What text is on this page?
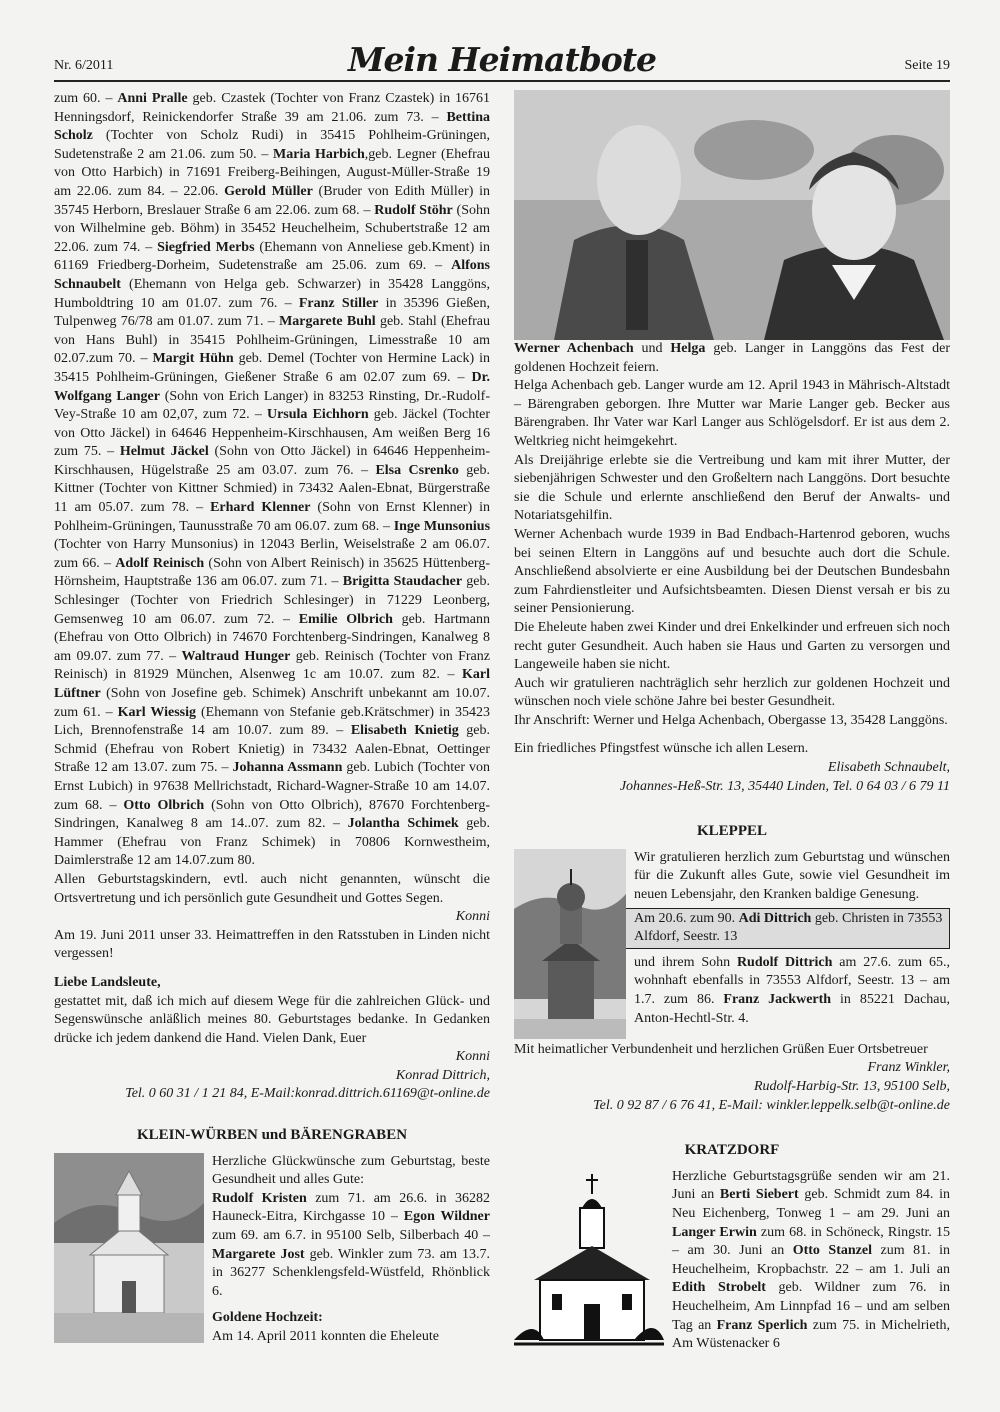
Nr. 6/2011	Mein Heimatbote	Seite 19

zum 60. – Anni Pralle geb. Czastek (Tochter von Franz Czastek) in 16761 Henningsdorf, Reinickendorfer Straße 39 am 21.06. zum 73. – Bettina Scholz (Tochter von Scholz Rudi) in 35415 Pohlheim-Grüningen, Sudetenstraße 2 am 21.06. zum 50. – Maria Harbich,geb. Legner (Ehefrau von Otto Harbich) in 71691 Freiberg-Beihingen, August-Müller-Straße 19 am 22.06. zum 84. – 22.06. Gerold Müller (Bruder von Edith Müller) in 35745 Herborn, Breslauer Straße 6 am 22.06. zum 68. – Rudolf Stöhr (Sohn von Wilhelmine geb. Böhm) in 35452 Heuchelheim, Schubertstraße 12 am 22.06. zum 74. – Siegfried Merbs (Ehemann von Anneliese geb.Kment) in 61169 Friedberg-Dorheim, Sudetenstraße am 25.06. zum 69. – Alfons Schnaubelt (Ehemann von Helga geb. Schwarzer) in 35428 Langgöns, Humboldtring 10 am 01.07. zum 76. – Franz Stiller in 35396 Gießen, Tulpenweg 76/78 am 01.07. zum 71. – Margarete Buhl geb. Stahl (Ehefrau von Hans Buhl) in 35415 Pohlheim-Grüningen, Limesstraße 10 am 02.07.zum 70. – Margit Hühn geb. Demel (Tochter von Hermine Lack) in 35415 Pohlheim-Grüningen, Gießener Straße 6 am 02.07 zum 69. – Dr. Wolfgang Langer (Sohn von Erich Langer) in 83253 Rinsting, Dr.-Rudolf-Vey-Straße 10 am 02,07, zum 72. – Ursula Eichhorn geb. Jäckel (Tochter von Otto Jäckel) in 64646 Heppenheim-Kirschhausen, Am weißen Berg 16 zum 75. – Helmut Jäckel (Sohn von Otto Jäckel) in 64646 Heppenheim-Kirschhausen, Hügelstraße 25 am 03.07. zum 76. – Elsa Csrenko geb. Kittner (Tochter von Kittner Schmied) in 73432 Aalen-Ebnat, Bürgerstraße 11 am 05.07. zum 78. – Erhard Klenner (Sohn von Ernst Klenner) in Pohlheim-Grüningen, Taunusstraße 70 am 06.07. zum 68. – Inge Munsonius (Tochter von Harry Munsonius) in 12043 Berlin, Weiselstraße 2 am 06.07. zum 66. – Adolf Reinisch (Sohn von Albert Reinisch) in 35625 Hüttenberg-Hörnsheim, Hauptstraße 136 am 06.07. zum 71. – Brigitta Staudacher geb. Schlesinger (Tochter von Friedrich Schlesinger) in 71229 Leonberg, Gemsenweg 10 am 06.07. zum 72. – Emilie Olbrich geb. Hartmann (Ehefrau von Otto Olbrich) in 74670 Forchtenberg-Sindringen, Kanalweg 8 am 09.07. zum 77. – Waltraud Hunger geb. Reinisch (Tochter von Franz Reinisch) in 81929 München, Alsenweg 1c am 10.07. zum 82. – Karl Lüftner (Sohn von Josefine geb. Schimek) Anschrift unbekannt am 10.07. zum 61. – Karl Wiessig (Ehemann von Stefanie geb.Krätschmer) in 35423 Lich, Brennofenstraße 14 am 10.07. zum 89. – Elisabeth Knietig geb. Schmid (Ehefrau von Robert Knietig) in 73432 Aalen-Ebnat, Oettinger Straße 12 am 13.07. zum 75. – Johanna Assmann geb. Lubich (Tochter von Ernst Lubich) in 97638 Mellrichstadt, Richard-Wagner-Straße 10 am 14.07. zum 68. – Otto Olbrich (Sohn von Otto Olbrich), 87670 Forchtenberg-Sindringen, Kanalweg 8 am 14..07. zum 82. – Jolantha Schimek geb. Hammer (Ehefrau von Franz Schimek) in 70806 Kornwestheim, Daimlerstraße 12 am 14.07.zum 80.

Allen Geburtstagskindern, evtl. auch nicht genannten, wünscht die Ortsvertretung und ich persönlich gute Gesundheit und Gottes Segen.

Konni

Am 19. Juni 2011 unser 33. Heimattreffen in den Ratsstuben in Linden nicht vergessen!

Liebe Landsleute,

gestattet mit, daß ich mich auf diesem Wege für die zahlreichen Glück- und Segenswünsche anläßlich meines 80. Geburtstages bedanke. In Gedanken drücke ich jedem dankend die Hand. Vielen Dank, Euer

Konni

Konrad Dittrich,

Tel. 0 60 31 / 1 21 84, E-Mail:konrad.dittrich.61169@t-online.de

KLEIN-WÜRBEN und BÄRENGRABEN

Herzliche Glückwünsche zum Geburtstag, beste Gesundheit und alles Gute:

Rudolf Kristen zum 71. am 26.6. in 36282 Hauneck-Eitra, Kirchgasse 10 – Egon Wildner zum 69. am 6.7. in 95100 Selb, Silberbach 40 – Margarete Jost geb. Winkler zum 73. am 13.7. in 36277 Schenklengsfeld-Wüstfeld, Rhönblick 6.

Goldene Hochzeit:

Am 14. April 2011 konnten die Eheleute

Werner Achenbach und Helga geb. Langer in Langgöns das Fest der goldenen Hochzeit feiern.

Helga Achenbach geb. Langer wurde am 12. April 1943 in Mährisch-Altstadt – Bärengraben geborgen. Ihre Mutter war Marie Langer geb. Becker aus Bärengraben. Ihr Vater war Karl Langer aus Schlögelsdorf. Er ist aus dem 2. Weltkrieg nicht heimgekehrt.

Als Dreijährige erlebte sie die Vertreibung und kam mit ihrer Mutter, der siebenjährigen Schwester und den Großeltern nach Langgöns. Dort besuchte sie die Schule und erlernte anschließend den Beruf der Anwalts- und Notariatsgehilfin.

Werner Achenbach wurde 1939 in Bad Endbach-Hartenrod geboren, wuchs bei seinen Eltern in Langgöns auf und besuchte auch dort die Schule. Anschließend absolvierte er eine Ausbildung bei der Deutschen Bundesbahn zum Fahrdienstleiter und Aufsichtsbeamten. Diesen Dienst versah er bis zu seiner Pensionierung.

Die Eheleute haben zwei Kinder und drei Enkelkinder und erfreuen sich noch recht guter Gesundheit. Auch haben sie Haus und Garten zu versorgen und Langeweile haben sie nicht.

Auch wir gratulieren nachträglich sehr herzlich zur goldenen Hochzeit und wünschen noch viele schöne Jahre bei bester Gesundheit.

Ihr Anschrift: Werner und Helga Achenbach, Obergasse 13, 35428 Langgöns.

Ein friedliches Pfingstfest wünsche ich allen Lesern.

Elisabeth Schnaubelt,

Johannes-Heß-Str. 13, 35440 Linden, Tel. 0 64 03 / 6 79 11

KLEPPEL

Wir gratulieren herzlich zum Geburtstag und wünschen für die Zukunft alles Gute, sowie viel Gesundheit im neuen Lebensjahr, den Kranken baldige Genesung.

Am 20.6. zum 90. Adi Dittrich geb. Christen in 73553 Alfdorf, Seestr. 13

und ihrem Sohn Rudolf Dittrich am 27.6. zum 65., wohnhaft ebenfalls in 73553 Alfdorf, Seestr. 13 – am 1.7. zum 86. Franz Jackwerth in 85221 Dachau, Anton-Hechtl-Str. 4.

Mit heimatlicher Verbundenheit und herzlichen Grüßen Euer Ortsbetreuer

Franz Winkler,

Rudolf-Harbig-Str. 13, 95100 Selb,

Tel. 0 92 87 / 6 76 41, E-Mail: winkler.leppelk.selb@t-online.de

KRATZDORF

Herzliche Geburtstagsgrüße senden wir am 21. Juni an Berti Siebert geb. Schmidt zum 84. in Neu Eichenberg, Tonweg 1 – am 29. Juni an Langer Erwin zum 68. in Schöneck, Ringstr. 15 – am 30. Juni an Otto Stanzel zum 81. in Heuchelheim, Kropbachstr. 22 – am 1. Juli an Edith Strobelt geb. Wildner zum 76. in Heuchelheim, Am Linnpfad 16 – und am selben Tag an Franz Sperlich zum 75. in Michelrieth, Am Wüstenacker 6
